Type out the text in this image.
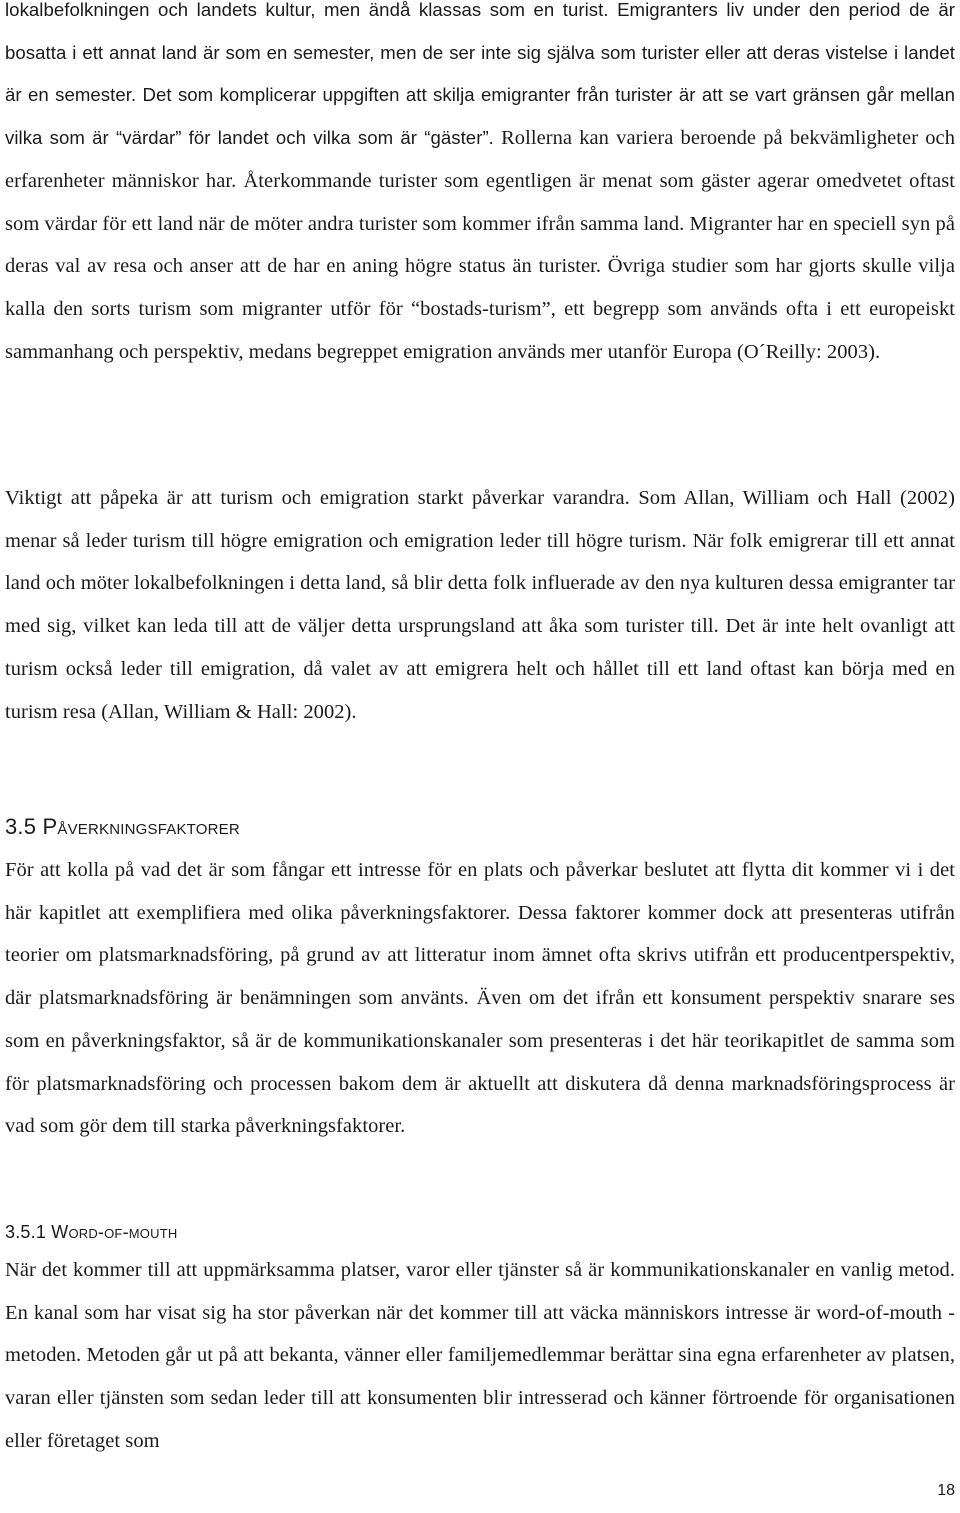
lokalbefolkningen och landets kultur, men ändå klassas som en turist. Emigranters liv under den period de är bosatta i ett annat land är som en semester, men de ser inte sig själva som turister eller att deras vistelse i landet är en semester. Det som komplicerar uppgiften att skilja emigranter från turister är att se vart gränsen går mellan vilka som är “värdar” för landet och vilka som är “gäster”. Rollerna kan variera beroende på bekvämligheter och erfarenheter människor har. Återkommande turister som egentligen är menat som gäster agerar omedvetet oftast som värdar för ett land när de möter andra turister som kommer ifrån samma land. Migranter har en speciell syn på deras val av resa och anser att de har en aning högre status än turister. Övriga studier som har gjorts skulle vilja kalla den sorts turism som migranter utför för “bostads-turism”, ett begrepp som används ofta i ett europeiskt sammanhang och perspektiv, medans begreppet emigration används mer utanför Europa (O´Reilly: 2003).

Viktigt att påpeka är att turism och emigration starkt påverkar varandra. Som Allan, William och Hall (2002) menar så leder turism till högre emigration och emigration leder till högre turism. När folk emigrerar till ett annat land och möter lokalbefolkningen i detta land, så blir detta folk influerade av den nya kulturen dessa emigranter tar med sig, vilket kan leda till att de väljer detta ursprungsland att åka som turister till. Det är inte helt ovanligt att turism också leder till emigration, då valet av att emigrera helt och hållet till ett land oftast kan börja med en turism resa (Allan, William & Hall: 2002).

3.5 Påverkningsfaktorer

För att kolla på vad det är som fångar ett intresse för en plats och påverkar beslutet att flytta dit kommer vi i det här kapitlet att exemplifiera med olika påverkningsfaktorer. Dessa faktorer kommer dock att presenteras utifrån teorier om platsmarknadsföring, på grund av att litteratur inom ämnet ofta skrivs utifrån ett producentperspektiv, där platsmarknadsföring är benämningen som använts. Även om det ifrån ett konsument perspektiv snarare ses som en påverkningsfaktor, så är de kommunikationskanaler som presenteras i det här teorikapitlet de samma som för platsmarknadsföring och processen bakom dem är aktuellt att diskutera då denna marknadsföringsprocess är vad som gör dem till starka påverkningsfaktorer.

3.5.1 Word-of-mouth

När det kommer till att uppmärksamma platser, varor eller tjänster så är kommunikationskanaler en vanlig metod. En kanal som har visat sig ha stor påverkan när det kommer till att väcka människors intresse är word-of-mouth -metoden. Metoden går ut på att bekanta, vänner eller familjemedlemmar berättar sina egna erfarenheter av platsen, varan eller tjänsten som sedan leder till att konsumenten blir intresserad och känner förtroende för organisationen eller företaget som

18
